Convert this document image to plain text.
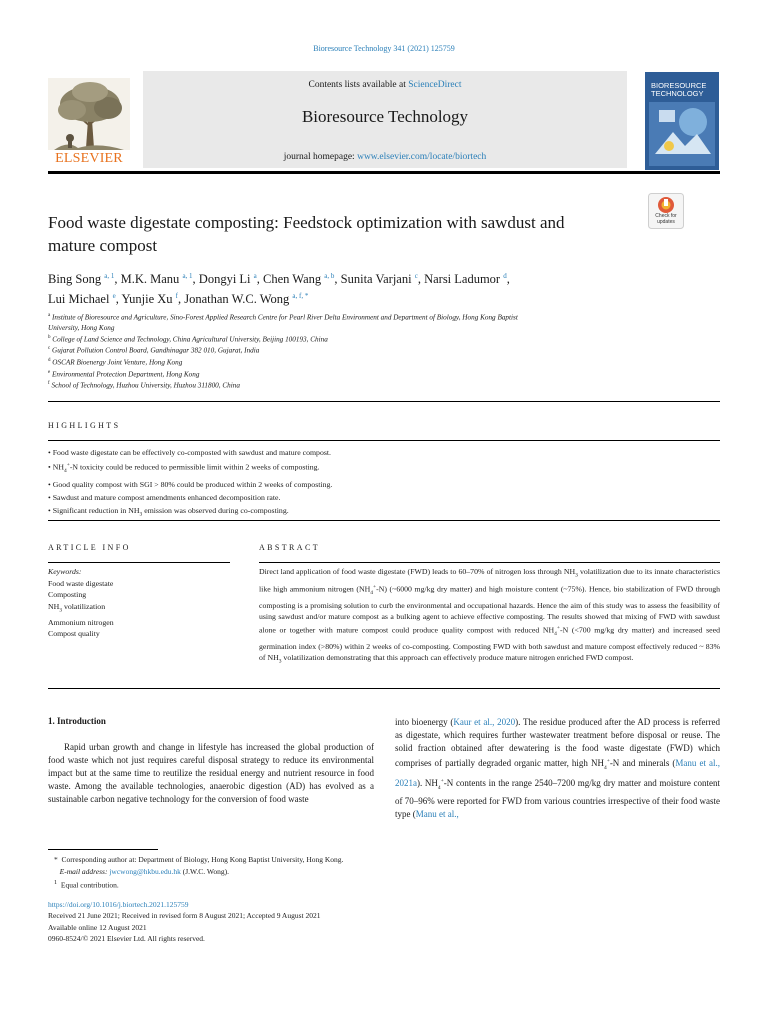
Bioresource Technology 341 (2021) 125759
ELSEVIER
Contents lists available at ScienceDirect
Bioresource Technology
journal homepage: www.elsevier.com/locate/biortech
BIORESOURCE
TECHNOLOGY
Check for
updates
Food waste digestate composting: Feedstock optimization with sawdust and
mature compost
Bing Song $^{a, 1}$, M.K. Manu $^{a, 1}$, Dongyi Li $^a$, Chen Wang $^{a, b}$, Sunita Varjani $^c$, Narsi Ladumor $^d$,
Lui Michael $^e$, Yunjie Xu $^f$, Jonathan W.C. Wong $^{a, f, *}$
$^a$ Institute of Bioresource and Agriculture, Sino-Forest Applied Research Centre for Pearl River Delta Environment and Department of Biology, Hong Kong Baptist
University, Hong Kong
$^b$ College of Land Science and Technology, China Agricultural University, Beijing 100193, China
$^c$ Gujarat Pollution Control Board, Gandhinagar 382 010, Gujarat, India
$^d$ OSCAR Bioenergy Joint Venture, Hong Kong
$^e$ Environmental Protection Department, Hong Kong
$^f$ School of Technology, Huzhou University, Huzhou 311800, China
HIGHLIGHTS
• Food waste digestate can be effectively co-composted with sawdust and mature compost.
• $NH_4^+-N$ toxicity could be reduced to permissible limit within 2 weeks of composting.
• Good quality compost with SGI > 80% could be produced within 2 weeks of composting.
• Sawdust and mature compost amendments enhanced decomposition rate.
• Significant reduction in $NH_3$ emission was observed during co-composting.
ARTICLE INFO
Keywords:
Food waste digestate
Composting
$NH_3$ volatilization
Ammonium nitrogen
Compost quality
ABSTRACT
Direct land application of food waste digestate (FWD) leads to 60–70% of nitrogen loss through $NH_3$ volatilization due to its innate characteristics like high ammonium nitrogen $(NH_4^+-N)$ (~6000 mg/kg dry matter) and high moisture content (~75%). Hence, bio stabilization of FWD through composting is a promising solution to curb the environmental and occupational hazards. Hence the aim of this study was to assess the feasibility of using sawdust and/or mature compost as a bulking agent to achieve effective composting. The results showed that mixing of FWD with sawdust alone or together with mature compost could produce quality compost with reduced $NH_4^+-N$ (<700 mg/kg dry matter) and increased seed germination index (>80%) within 2 weeks of co-composting. Composting FWD with both sawdust and mature compost effectively reduced ~ 83% of $NH_3$ volatilization demonstrating that this approach can effectively produce mature nitrogen enriched FWD compost.
1. Introduction
Rapid urban growth and change in lifestyle has increased the global production of food waste which not just requires careful disposal strategy to reduce its environmental impact but at the same time to reutilize the residual energy and nutrient resource in food waste. Among the available technologies, anaerobic digestion (AD) has evolved as a sustainable carbon negative technology for the conversion of food waste
into bioenergy (Kaur et al., 2020). The residue produced after the AD process is referred as digestate, which requires further wastewater treatment before disposal or reuse. The solid fraction obtained after dewatering is the food waste digestate (FWD) which comprises of partially degraded organic matter, high $NH_4^+-N$ and minerals (Manu et al., 2021a). $NH_4^+-N$ contents in the range 2540–7200 mg/kg dry matter and moisture content of 70–96% were reported for FWD from various countries irrespective of their food waste type (Manu et al.,
* Corresponding author at: Department of Biology, Hong Kong Baptist University, Hong Kong.
E-mail address: jwcwong@hkbu.edu.hk (J.W.C. Wong).
$^1$ Equal contribution.
https://doi.org/10.1016/j.biortech.2021.125759
Received 21 June 2021; Received in revised form 8 August 2021; Accepted 9 August 2021
Available online 12 August 2021
0960-8524/© 2021 Elsevier Ltd. All rights reserved.
